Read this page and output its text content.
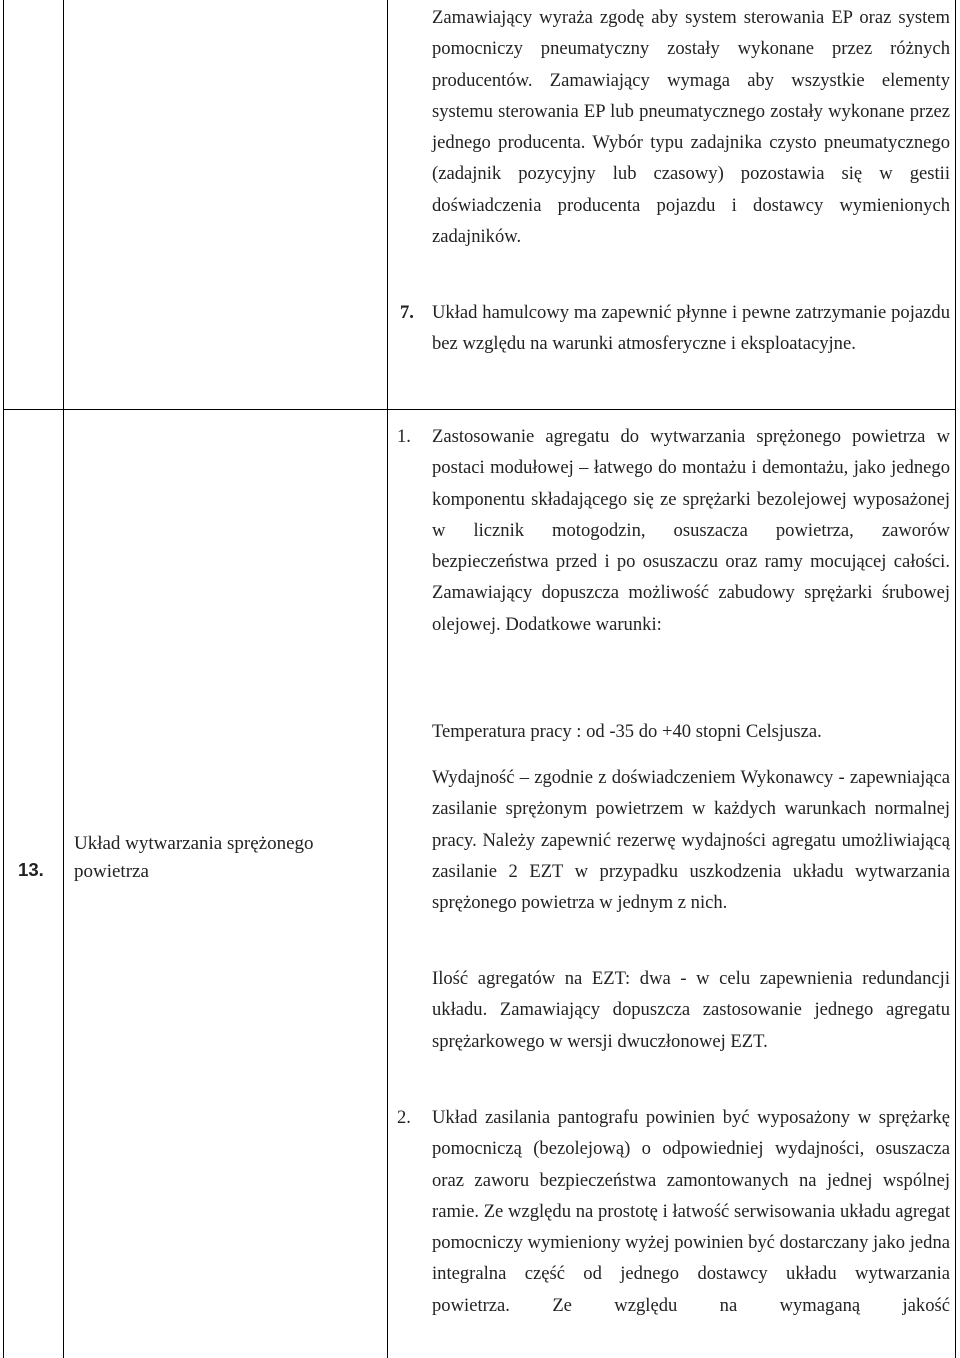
Zamawiający wyraża zgodę aby system sterowania EP oraz system pomocniczy pneumatyczny zostały wykonane przez różnych producentów. Zamawiający wymaga aby wszystkie elementy systemu sterowania EP lub pneumatycznego zostały wykonane przez jednego producenta. Wybór typu zadajnika czysto pneumatycznego (zadajnik pozycyjny lub czasowy) pozostawia się w gestii doświadczenia producenta pojazdu i dostawcy wymienionych zadajników.

7. Układ hamulcowy ma zapewnić płynne i pewne zatrzymanie pojazdu bez względu na warunki atmosferyczne i eksploatacyjne.

13.
Układ wytwarzania sprężonego powietrza
1. Zastosowanie agregatu do wytwarzania sprężonego powietrza w postaci modułowej – łatwego do montażu i demontażu, jako jednego komponentu składającego się ze sprężarki bezolejowej wyposażonej w licznik motogodzin, osuszacza powietrza, zaworów bezpieczeństwa przed i po osuszaczu oraz ramy mocującej całości. Zamawiający dopuszcza możliwość zabudowy sprężarki śrubowej olejowej. Dodatkowe warunki:

Temperatura pracy : od -35 do +40 stopni Celsjusza.

Wydajność – zgodnie z doświadczeniem Wykonawcy - zapewniająca zasilanie sprężonym powietrzem w każdych warunkach normalnej pracy. Należy zapewnić rezerwę wydajności agregatu umożliwiającą zasilanie 2 EZT w przypadku uszkodzenia układu wytwarzania sprężonego powietrza w jednym z nich.

Ilość agregatów na EZT: dwa - w celu zapewnienia redundancji układu. Zamawiający dopuszcza zastosowanie jednego agregatu sprężarkowego w wersji dwuczłonowej EZT.

2. Układ zasilania pantografu powinien być wyposażony w sprężarkę pomocniczą (bezolejową) o odpowiedniej wydajności, osuszacza oraz zaworu bezpieczeństwa zamontowanych na jednej wspólnej ramie. Ze względu na prostotę i łatwość serwisowania układu agregat pomocniczy wymieniony wyżej powinien być dostarczany jako jedna integralna część od jednego dostawcy układu wytwarzania powietrza. Ze względu na wymaganą jakość
